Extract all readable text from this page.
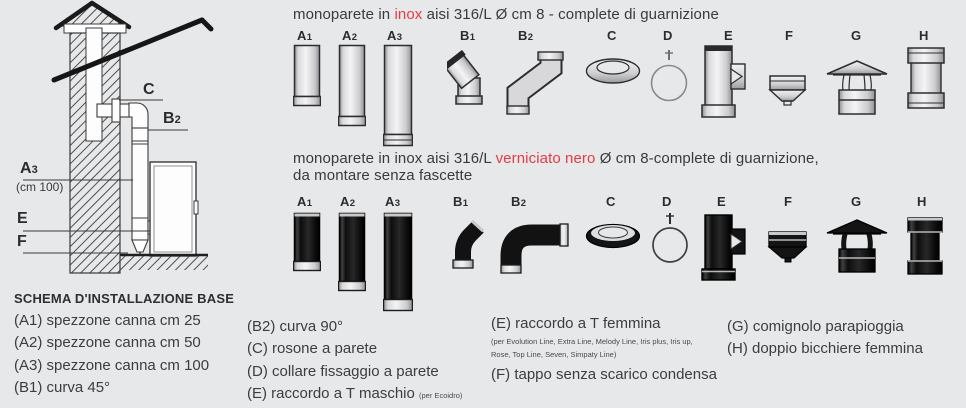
C
B2
A3
(cm 100)
E
F
SCHEMA D'INSTALLAZIONE BASE
monoparete in inox aisi 316/L Ø cm 8 - complete di guarnizione
A1 A2 A3	B1	B2	C	D	E	F	G	H
monoparete in inox aisi 316/L verniciato nero Ø cm 8-complete di guarnizione,
da montare senza fascette
A1 A2 A3	B1	B2	C	D	E	F	G	H
(A1) spezzone canna cm 25
(A2) spezzone canna cm 50
(A3) spezzone canna cm 100
(B1) curva 45°
(B2) curva 90°
(C) rosone a parete
(D) collare fissaggio a parete
(E) raccordo a T maschio (per Ecoidro)
(E) raccordo a T femmina
(per Evolution Line, Extra Line, Melody Line, Iris plus, Iris up,
Rose, Top Line, Seven, Simpaty Line)
(F) tappo senza scarico condensa
(G) comignolo parapioggia
(H) doppio bicchiere femmina
